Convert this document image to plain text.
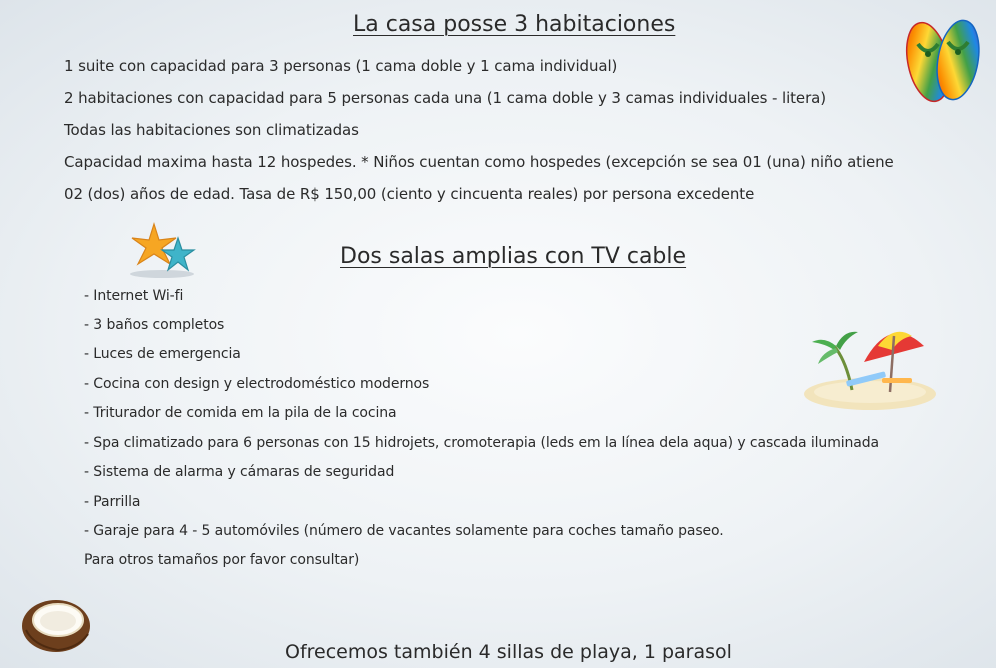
La casa posse 3 habitaciones

1 suite con capacidad para 3 personas (1 cama doble y 1 cama individual)

2 habitaciones con capacidad para 5 personas cada una (1 cama doble y 3 camas individuales - litera)

Todas las habitaciones son climatizadas

Capacidad maxima hasta 12 hospedes. * Niños cuentan como hospedes (excepción se sea 01 (una) niño atiene

02 (dos) años de edad. Tasa de R$ 150,00 (ciento y cincuenta reales) por persona excedente

Dos salas amplias con TV cable

- Internet Wi-fi

- 3 baños completos

- Luces de emergencia

- Cocina con design y electrodoméstico modernos

- Triturador de comida em la pila de la cocina

- Spa climatizado para 6 personas con 15 hidrojets, cromoterapia (leds em la línea dela aqua) y cascada iluminada

- Sistema de alarma y cámaras de seguridad

- Parrilla

- Garaje para 4 - 5 automóviles (número de vacantes solamente para coches tamaño paseo.

Para otros tamaños por favor consultar)

Ofrecemos también 4 sillas de playa, 1 parasol
